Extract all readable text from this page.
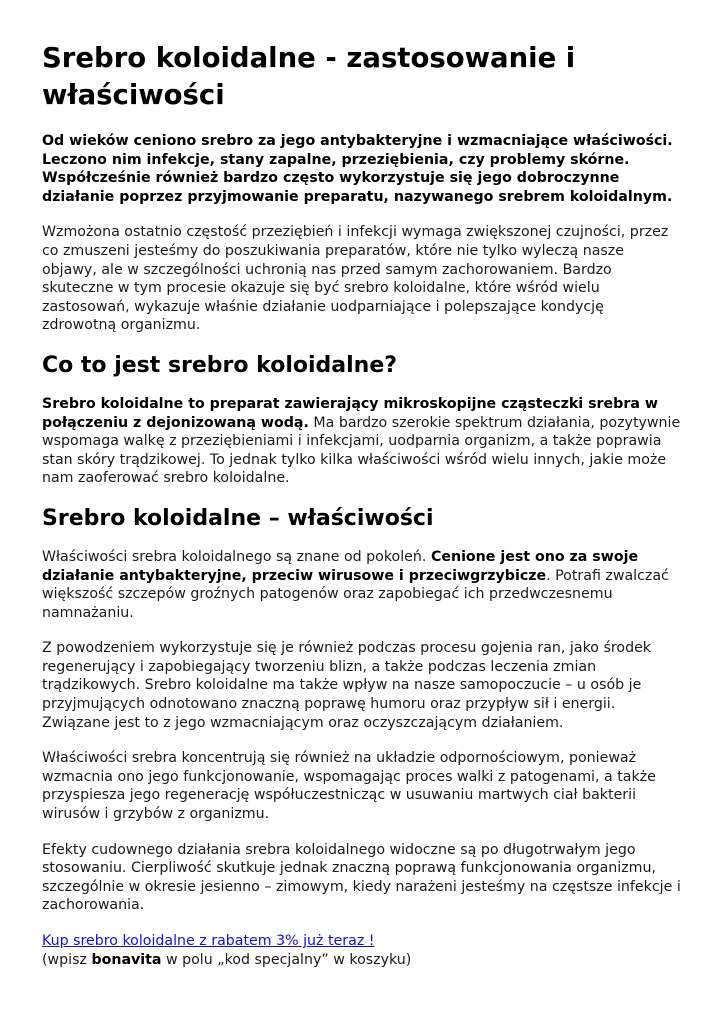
Srebro koloidalne - zastosowanie i właściwości

Od wieków ceniono srebro za jego antybakteryjne i wzmacniające właściwości. Leczono nim infekcje, stany zapalne, przeziębienia, czy problemy skórne. Współcześnie również bardzo często wykorzystuje się jego dobroczynne działanie poprzez przyjmowanie preparatu, nazywanego srebrem koloidalnym.

Wzmożona ostatnio częstość przeziębień i infekcji wymaga zwiększonej czujności, przez co zmuszeni jesteśmy do poszukiwania preparatów, które nie tylko wyleczą nasze objawy, ale w szczególności uchronią nas przed samym zachorowaniem. Bardzo skuteczne w tym procesie okazuje się być srebro koloidalne, które wśród wielu zastosowań, wykazuje właśnie działanie uodparniające i polepszające kondycję zdrowotną organizmu.

Co to jest srebro koloidalne?

Srebro koloidalne to preparat zawierający mikroskopijne cząsteczki srebra w połączeniu z dejonizowaną wodą. Ma bardzo szerokie spektrum działania, pozytywnie wspomaga walkę z przeziębieniami i infekcjami, uodparnia organizm, a także poprawia stan skóry trądzikowej. To jednak tylko kilka właściwości wśród wielu innych, jakie może nam zaoferować srebro koloidalne.

Srebro koloidalne – właściwości

Właściwości srebra koloidalnego są znane od pokoleń. Cenione jest ono za swoje działanie antybakteryjne, przeciw wirusowe i przeciwgrzybicze. Potrafi zwalczać większość szczepów groźnych patogenów oraz zapobiegać ich przedwczesnemu namnażaniu.

Z powodzeniem wykorzystuje się je również podczas procesu gojenia ran, jako środek regenerujący i zapobiegający tworzeniu blizn, a także podczas leczenia zmian trądzikowych. Srebro koloidalne ma także wpływ na nasze samopoczucie – u osób je przyjmujących odnotowano znaczną poprawę humoru oraz przypływ sił i energii. Związane jest to z jego wzmacniającym oraz oczyszczającym działaniem.

Właściwości srebra koncentrują się również na układzie odpornościowym, ponieważ wzmacnia ono jego funkcjonowanie, wspomagając proces walki z patogenami, a także przyspiesza jego regenerację współuczestnicząc w usuwaniu martwych ciał bakterii wirusów i grzybów z organizmu.

Efekty cudownego działania srebra koloidalnego widoczne są po długotrwałym jego stosowaniu. Cierpliwość skutkuje jednak znaczną poprawą funkcjonowania organizmu, szczególnie w okresie jesienno – zimowym, kiedy narażeni jesteśmy na częstsze infekcje i zachorowania.

Kup srebro koloidalne z rabatem 3% już teraz !
(wpisz bonavita w polu „kod specjalny” w koszyku)
